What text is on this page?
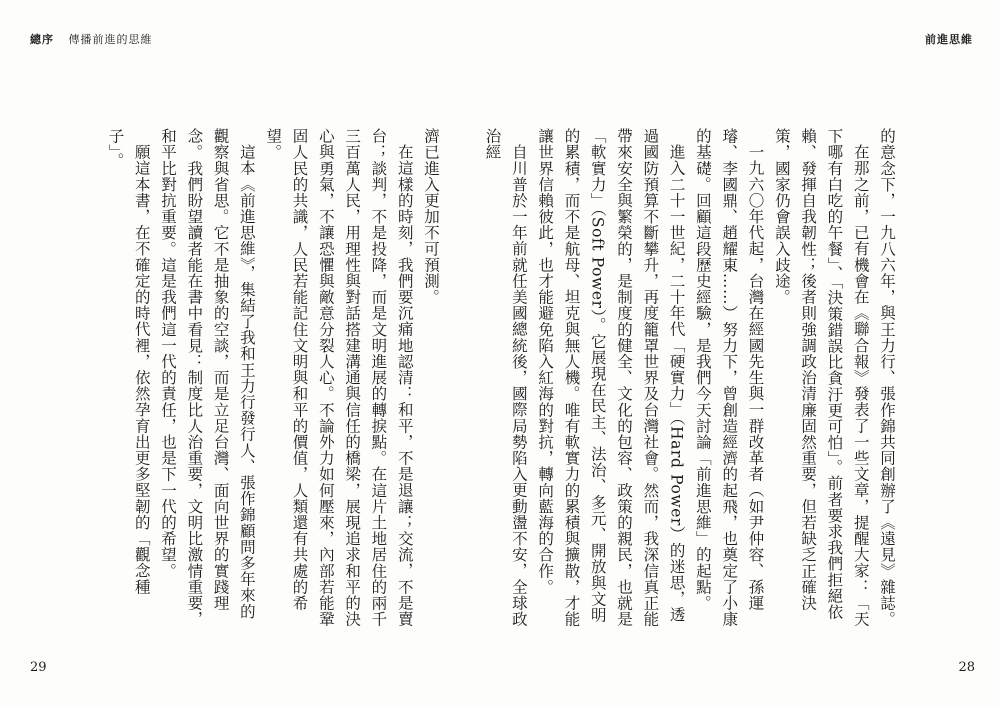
總序 傳播前進的思維

濟已進入更加不可預測。

在這樣的時刻，我們要沉痛地認清：和平，不是退讓；交流，不是賣台；談判，不是投降，而是文明進展的轉捩點。在這片土地居住的兩千三百萬人民，用理性與對話搭建溝通與信任的橋梁，展現追求和平的決心與勇氣，不讓恐懼與敵意分裂人心。不論外力如何壓來，內部若能鞏固人民的共識，人民若能記住文明與和平的價值，人類還有共處的希望。

這本《前進思維》，集結了我和王力行發行人、張作錦顧問多年來的觀察與省思。它不是抽象的空談，而是立足台灣、面向世界的實踐理念。我們盼望讀者能在書中看見：制度比人治重要，文明比激情重要，和平比對抗重要。這是我們這一代的責任，也是下一代的希望。

願這本書，在不確定的時代裡，依然孕育出更多堅韌的「觀念種子」。

29
前進思維
28

的意念下，一九八六年，與王力行、張作錦共同創辦了《遠見》雜誌。

在那之前，已有機會在《聯合報》發表了一些文章，提醒大家：「天下哪有白吃的午餐」、「決策錯誤比貪汙更可怕」。前者要求我們拒絕依賴、發揮自我韌性；後者則強調政治清廉固然重要，但若缺乏正確決策，國家仍會誤入歧途。

一九六〇年代起，台灣在經國先生與一群改革者（如尹仲容、孫運璿、李國鼎、趙耀東……）努力下，曾創造經濟的起飛，也奠定了小康的基礎。回顧這段歷史經驗，是我們今天討論「前進思維」的起點。

進入二十一世紀，二十年代「硬實力」（Hard Power）的迷思，透過國防預算不斷攀升，再度籠罩世界及台灣社會。然而，我深信真正能帶來安全與繁榮的，是制度的健全、文化的包容、政策的親民，也就是「軟實力」（Soft Power）。它展現在民主、法治、多元、開放與文明的累積，而不是航母、坦克與無人機。唯有軟實力的累積與擴散，才能讓世界信賴彼此，也才能避免陷入紅海的對抗，轉向藍海的合作。

自川普於一年前就任美國總統後，國際局勢陷入更動盪不安，全球政治經
